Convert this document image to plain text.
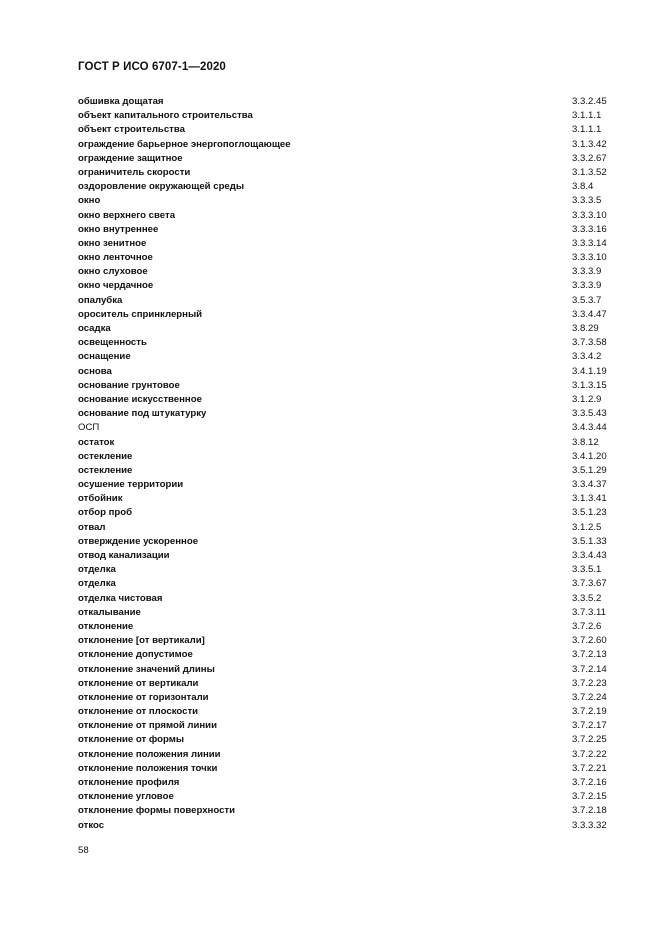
ГОСТ Р ИСО 6707-1—2020
обшивка дощатая	3.3.2.45
объект капитального строительства	3.1.1.1
объект строительства	3.1.1.1
ограждение барьерное энергопоглощающее	3.1.3.42
ограждение защитное	3.3.2.67
ограничитель скорости	3.1.3.52
оздоровление окружающей среды	3.8.4
окно	3.3.3.5
окно верхнего света	3.3.3.10
окно внутреннее	3.3.3.16
окно зенитное	3.3.3.14
окно ленточное	3.3.3.10
окно слуховое	3.3.3.9
окно чердачное	3.3.3.9
опалубка	3.5.3.7
ороситель спринклерный	3.3.4.47
осадка	3.8.29
освещенность	3.7.3.58
оснащение	3.3.4.2
основа	3.4.1.19
основание грунтовое	3.1.3.15
основание искусственное	3.1.2.9
основание под штукатурку	3.3.5.43
ОСП	3.4.3.44
остаток	3.8.12
остекление	3.4.1.20
остекление	3.5.1.29
осушение территории	3.3.4.37
отбойник	3.1.3.41
отбор проб	3.5.1.23
отвал	3.1.2.5
отверждение ускоренное	3.5.1.33
отвод канализации	3.3.4.43
отделка	3.3.5.1
отделка	3.7.3.67
отделка чистовая	3.3.5.2
откалывание	3.7.3.11
отклонение	3.7.2.6
отклонение [от вертикали]	3.7.2.60
отклонение допустимое	3.7.2.13
отклонение значений длины	3.7.2.14
отклонение от вертикали	3.7.2.23
отклонение от горизонтали	3.7.2.24
отклонение от плоскости	3.7.2.19
отклонение от прямой линии	3.7.2.17
отклонение от формы	3.7.2.25
отклонение положения линии	3.7.2.22
отклонение положения точки	3.7.2.21
отклонение профиля	3.7.2.16
отклонение угловое	3.7.2.15
отклонение формы поверхности	3.7.2.18
откос	3.3.3.32
58
